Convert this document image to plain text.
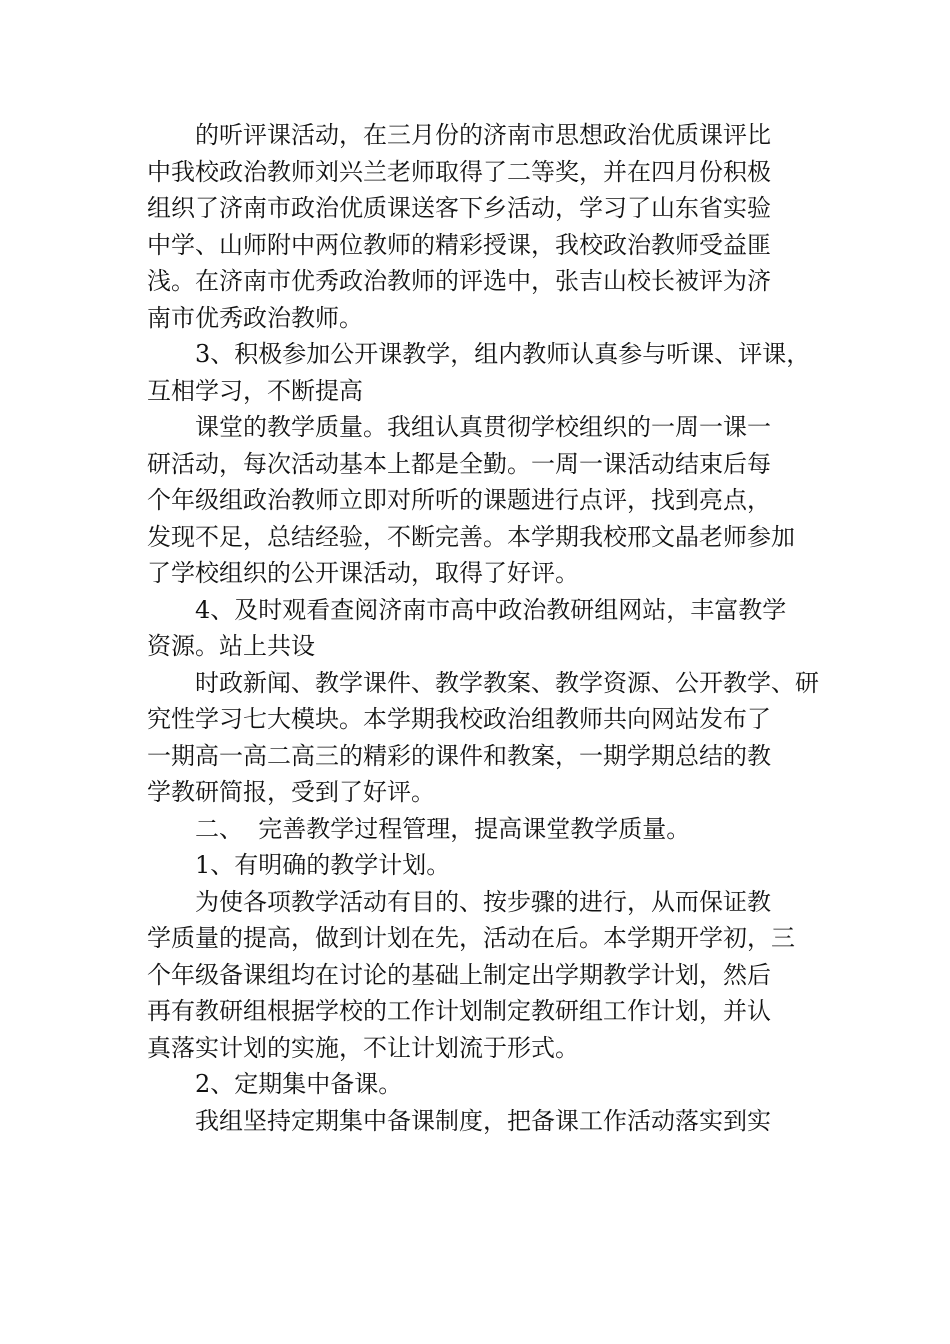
的听评课活动，在三月份的济南市思想政治优质课评比
中我校政治教师刘兴兰老师取得了二等奖，并在四月份积极
组织了济南市政治优质课送客下乡活动，学习了山东省实验
中学、山师附中两位教师的精彩授课，我校政治教师受益匪
浅。在济南市优秀政治教师的评选中，张吉山校长被评为济
南市优秀政治教师。
3、积极参加公开课教学，组内教师认真参与听课、评课，
互相学习，不断提高
课堂的教学质量。我组认真贯彻学校组织的一周一课一
研活动，每次活动基本上都是全勤。一周一课活动结束后每
个年级组政治教师立即对所听的课题进行点评，找到亮点，
发现不足，总结经验，不断完善。本学期我校邢文晶老师参加
了学校组织的公开课活动，取得了好评。
4、及时观看查阅济南市高中政治教研组网站，丰富教学
资源。站上共设
时政新闻、教学课件、教学教案、教学资源、公开教学、研
究性学习七大模块。本学期我校政治组教师共向网站发布了
一期高一高二高三的精彩的课件和教案，一期学期总结的教
学教研简报，受到了好评。
二、  完善教学过程管理，提高课堂教学质量。
1、有明确的教学计划。
为使各项教学活动有目的、按步骤的进行，从而保证教
学质量的提高，做到计划在先，活动在后。本学期开学初，三
个年级备课组均在讨论的基础上制定出学期教学计划，然后
再有教研组根据学校的工作计划制定教研组工作计划，并认
真落实计划的实施，不让计划流于形式。
2、定期集中备课。
我组坚持定期集中备课制度，把备课工作活动落实到实
